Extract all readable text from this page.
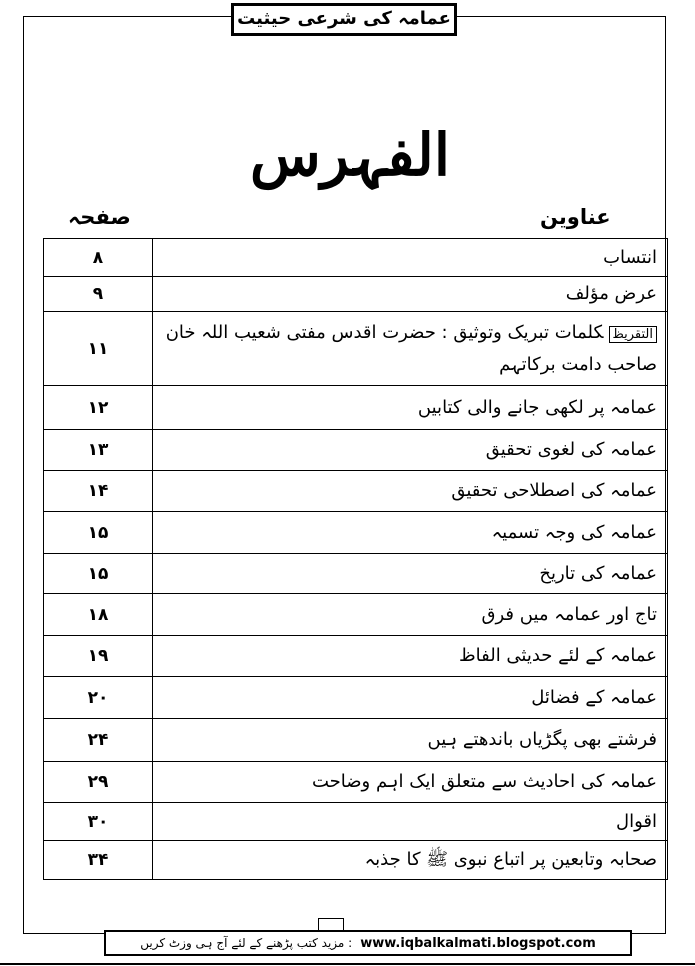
عمامہ کی شرعی حیثیت
الفہرس
عناوین
صفحہ
انتساب	۸
عرض مؤلف	۹
التقریظکلمات تبریک وتوثیق : حضرت اقدس مفتی شعیب اللہ خان صاحب دامت برکاتہم	۱۱
عمامہ پر لکھی جانے والی کتابیں	۱۲
عمامہ کی لغوی تحقیق	۱۳
عمامہ کی اصطلاحی تحقیق	۱۴
عمامہ کی وجہ تسمیہ	۱۵
عمامہ کی تاریخ	۱۵
تاج اور عمامہ میں فرق	۱۸
عمامہ کے لئے حدیثی الفاظ	۱۹
عمامہ کے فضائل	۲۰
فرشتے بھی پگڑیاں باندھتے ہیں	۲۴
عمامہ کی احادیث سے متعلق ایک اہم وضاحت	۲۹
اقوال	۳۰
صحابہ وتابعین پر اتباع نبوی ﷺ کا جذبہ	۳۴
: مزید کتب پڑھنے کے لئے آج ہی وزٹ کریں www.iqbalkalmati.blogspot.com
